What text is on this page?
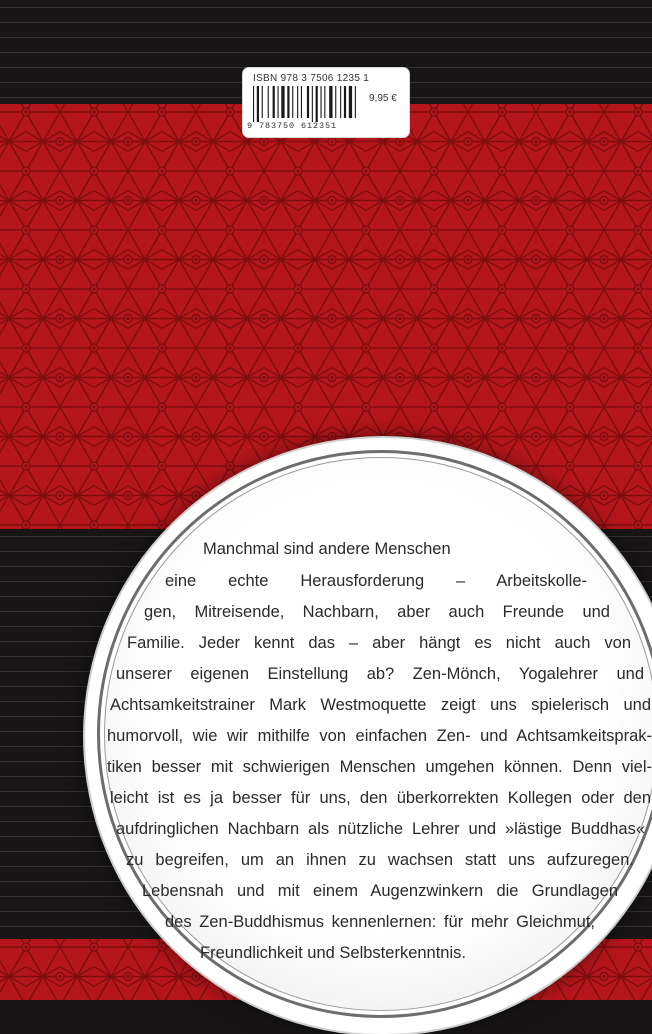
ISBN 978 3 7506 1235 1
9,95 €
9 783750 612351
Manchmal sind andere Menschen
eine echte Herausforderung – Arbeitskolle-
gen, Mitreisende, Nachbarn, aber auch Freunde und
Familie. Jeder kennt das – aber hängt es nicht auch von
unserer eigenen Einstellung ab? Zen-Mönch, Yogalehrer und
Achtsamkeitstrainer Mark Westmoquette zeigt uns spielerisch und
humorvoll, wie wir mithilfe von einfachen Zen- und Achtsamkeitsprak-
tiken besser mit schwierigen Menschen umgehen können. Denn viel-
leicht ist es ja besser für uns, den überkorrekten Kollegen oder den
aufdringlichen Nachbarn als nützliche Lehrer und »lästige Buddhas«
zu begreifen, um an ihnen zu wachsen statt uns aufzuregen.
Lebensnah und mit einem Augenzwinkern die Grundlagen
des Zen-Buddhismus kennenlernen: für mehr Gleichmut,
Freundlichkeit und Selbsterkenntnis.
